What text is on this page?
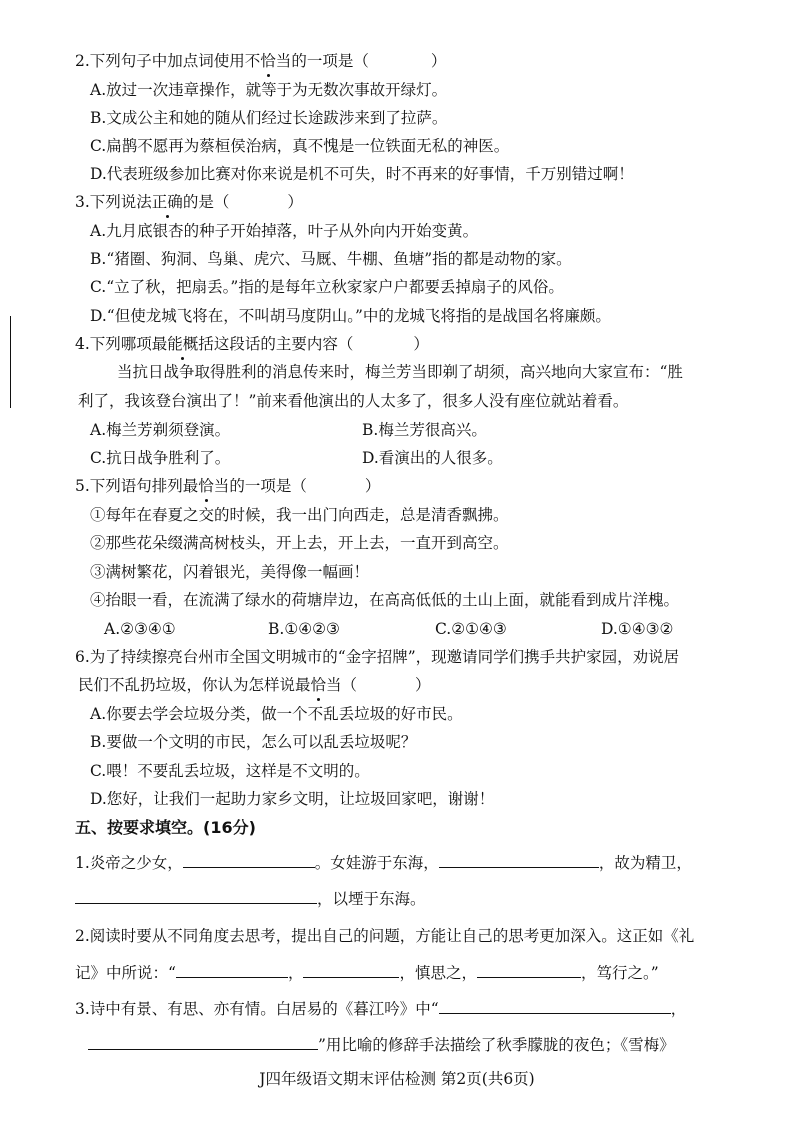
2.下列句子中加点词使用不恰当的一项是（	）
A.放过一次违章操作，就等于为无数次事故开绿灯。
B.文成公主和她的随从们经过长途跋涉来到了拉萨。
C.扁鹊不愿再为蔡桓侯治病，真不愧是一位铁面无私的神医。
D.代表班级参加比赛对你来说是机不可失，时不再来的好事情，千万别错过啊！
3.下列说法正确的是（	）
A.九月底银杏的种子开始掉落，叶子从外向内开始变黄。
B.“猪圈、狗洞、鸟巢、虎穴、马厩、牛棚、鱼塘”指的都是动物的家。
C.“立了秋，把扇丢。”指的是每年立秋家家户户都要丢掉扇子的风俗。
D.“但使龙城飞将在，不叫胡马度阴山。”中的龙城飞将指的是战国名将廉颇。
4.下列哪项最能概括这段话的主要内容（	）
当抗日战争取得胜利的消息传来时，梅兰芳当即剃了胡须，高兴地向大家宣布：“胜
利了，我该登台演出了！”前来看他演出的人太多了，很多人没有座位就站着看。
A.梅兰芳剃须登演。	B.梅兰芳很高兴。
C.抗日战争胜利了。	D.看演出的人很多。
5.下列语句排列最恰当的一项是（	）
①每年在春夏之交的时候，我一出门向西走，总是清香飘拂。
②那些花朵缀满高树枝头，开上去，开上去，一直开到高空。
③满树繁花，闪着银光，美得像一幅画！
④抬眼一看，在流满了绿水的荷塘岸边，在高高低低的土山上面，就能看到成片洋槐。
A.②③④①	B.①④②③	C.②①④③	D.①④③②
6.为了持续擦亮台州市全国文明城市的“金字招牌”，现邀请同学们携手共护家园，劝说居
民们不乱扔垃圾，你认为怎样说最恰当（	）
A.你要去学会垃圾分类，做一个不乱丢垃圾的好市民。
B.要做一个文明的市民，怎么可以乱丢垃圾呢？
C.喂！不要乱丢垃圾，这样是不文明的。
D.您好，让我们一起助力家乡文明，让垃圾回家吧，谢谢！
五、按要求填空。(16分)
1.炎帝之少女，	。女娃游于东海，	，故为精卫，
，以堙于东海。
2.阅读时要从不同角度去思考，提出自己的问题，方能让自己的思考更加深入。这正如《礼
记》中所说：“	，	，慎思之，	，笃行之。”
3.诗中有景、有思、亦有情。白居易的《暮江吟》中“	，
”用比喻的修辞手法描绘了秋季朦胧的夜色；《雪梅》
J四年级语文期末评估检测 第2页(共6页)
